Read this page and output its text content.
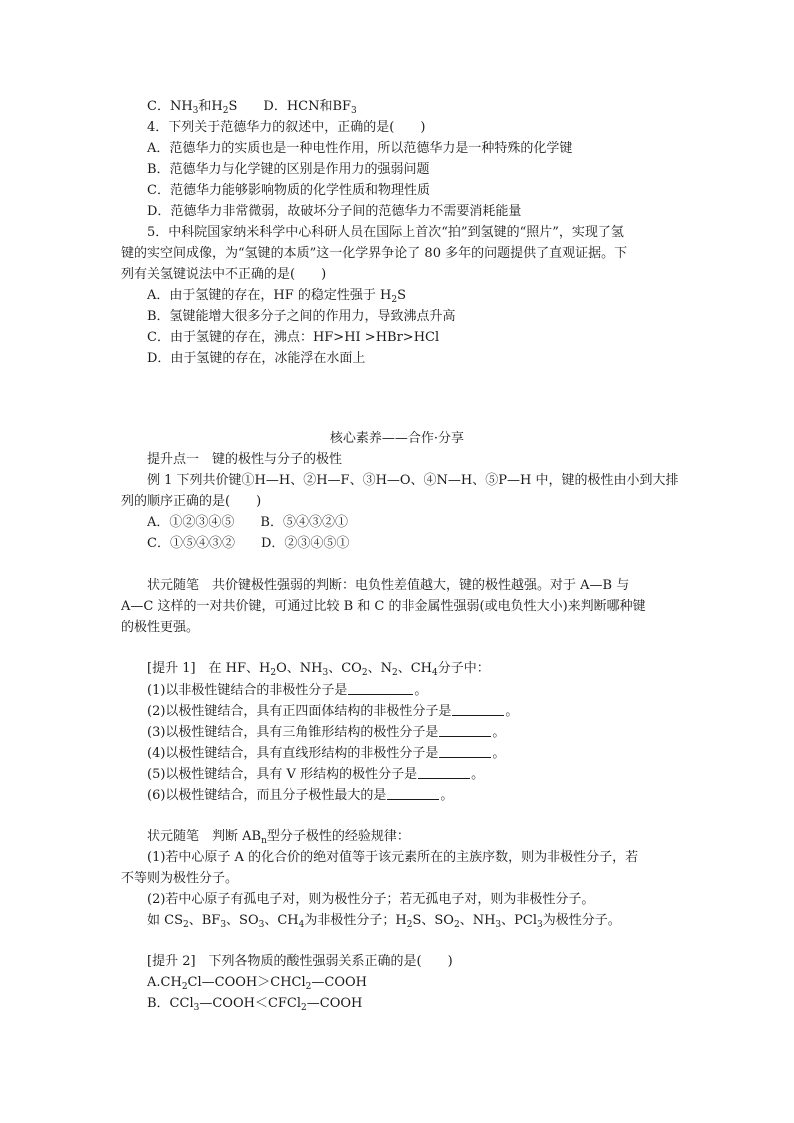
C．$NH_3$和$H_2S$ D．HCN和$BF_3$
4．下列关于范德华力的叙述中，正确的是(　　)
A．范德华力的实质也是一种电性作用，所以范德华力是一种特殊的化学键
B．范德华力与化学键的区别是作用力的强弱问题
C．范德华力能够影响物质的化学性质和物理性质
D．范德华力非常微弱，故破坏分子间的范德华力不需要消耗能量
5．中科院国家纳米科学中心科研人员在国际上首次“拍”到氢键的“照片”，实现了氢
键的实空间成像，为“氢键的本质”这一化学界争论了 80 多年的问题提供了直观证据。下
列有关氢键说法中不正确的是(　　)
A．由于氢键的存在，HF 的稳定性强于 $H_2S$
B．氢键能增大很多分子之间的作用力，导致沸点升高
C．由于氢键的存在，沸点：HF>HI >HBr>HCl
D．由于氢键的存在，冰能浮在水面上
核心素养——合作·分享
提升点一　键的极性与分子的极性
例 1 下列共价键①H—H、②H—F、③H—O、④N—H、⑤P—H 中，键的极性由小到大排
列的顺序正确的是(　　)
A．①②③④⑤　　B．⑤④③②①
C．①⑤④③②　　D．②③④⑤①
状元随笔　共价键极性强弱的判断：电负性差值越大，键的极性越强。对于 A—B 与
A—C 这样的一对共价键，可通过比较 B 和 C 的非金属性强弱(或电负性大小)来判断哪种键
的极性更强。
[提升 1]　在 HF、$H_2O$、$NH_3$、$CO_2$、$N_2$、$CH_4$分子中：
(1)以非极性键结合的非极性分子是	。
(2)以极性键结合，具有正四面体结构的非极性分子是	。
(3)以极性键结合，具有三角锥形结构的极性分子是	。
(4)以极性键结合，具有直线形结构的非极性分子是	。
(5)以极性键结合，具有 V 形结构的极性分子是	。
(6)以极性键结合，而且分子极性最大的是	。
状元随笔　判断 $AB_n$型分子极性的经验规律：
(1)若中心原子 A 的化合价的绝对值等于该元素所在的主族序数，则为非极性分子，若
不等则为极性分子。
(2)若中心原子有孤电子对，则为极性分子；若无孤电子对，则为非极性分子。
如 $CS_2$、$BF_3$、$SO_3$、$CH_4$为非极性分子；$H_2S$、$SO_2$、$NH_3$、PCl$_3$为极性分子。
[提升 2]　下列各物质的酸性强弱关系正确的是(　　)
$A.CH_2Cl—COOH>CHCl_2—COOH$
B．CCl$_3$—COOH＜CFCl$_2$—COOH
